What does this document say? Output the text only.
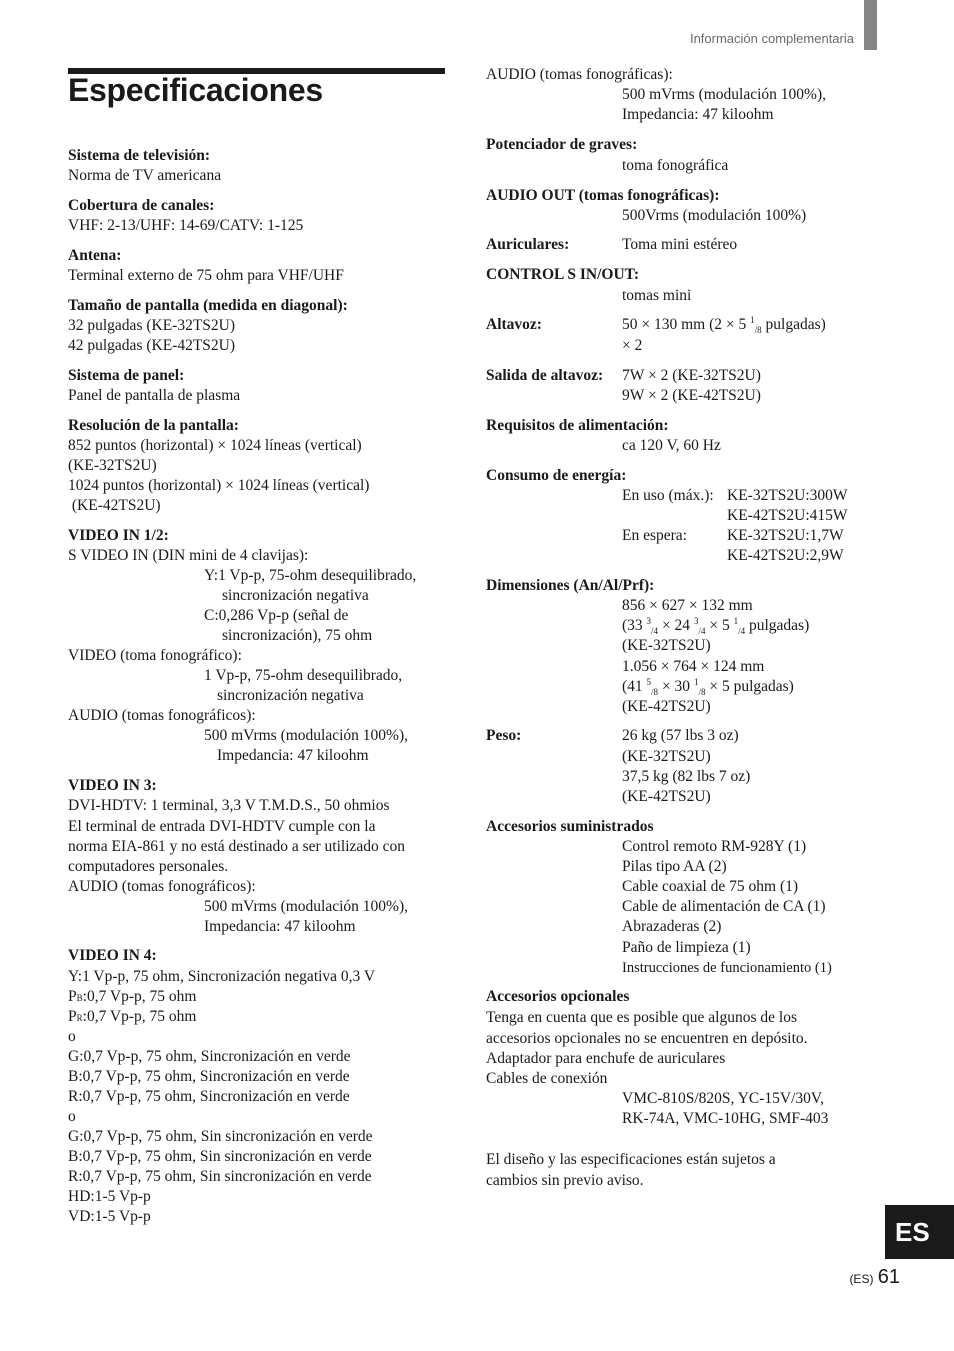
Información complementaria
Especificaciones
Sistema de televisión:
Norma de TV americana
Cobertura de canales:
VHF: 2-13/UHF: 14-69/CATV: 1-125
Antena:
Terminal externo de 75 ohm para VHF/UHF
Tamaño de pantalla (medida en diagonal):
32 pulgadas (KE-32TS2U)
42 pulgadas (KE-42TS2U)
Sistema de panel:
Panel de pantalla de plasma
Resolución de la pantalla:
852 puntos (horizontal) × 1024 líneas (vertical)
(KE-32TS2U)
1024 puntos (horizontal) × 1024 líneas (vertical)
(KE-42TS2U)
VIDEO IN 1/2:
S VIDEO IN (DIN mini de 4 clavijas):
Y:1 Vp-p, 75-ohm desequilibrado,
sincronización negativa
C:0,286 Vp-p (señal de
sincronización), 75 ohm
VIDEO (toma fonográfico):
1 Vp-p, 75-ohm desequilibrado,
sincronización negativa
AUDIO (tomas fonográficos):
500 mVrms (modulación 100%),
Impedancia: 47 kiloohm
VIDEO IN 3:
DVI-HDTV: 1 terminal, 3,3 V T.M.D.S., 50 ohmios
El terminal de entrada DVI-HDTV cumple con la
norma EIA-861 y no está destinado a ser utilizado con
computadores personales.
AUDIO (tomas fonográficos):
500 mVrms (modulación 100%),
Impedancia: 47 kiloohm
VIDEO IN 4:
Y:1 Vp-p, 75 ohm, Sincronización negativa 0,3 V
PB:0,7 Vp-p, 75 ohm
PR:0,7 Vp-p, 75 ohm
o
G:0,7 Vp-p, 75 ohm, Sincronización en verde
B:0,7 Vp-p, 75 ohm, Sincronización en verde
R:0,7 Vp-p, 75 ohm, Sincronización en verde
o
G:0,7 Vp-p, 75 ohm, Sin sincronización en verde
B:0,7 Vp-p, 75 ohm, Sin sincronización en verde
R:0,7 Vp-p, 75 ohm, Sin sincronización en verde
HD:1-5 Vp-p
VD:1-5 Vp-p
AUDIO (tomas fonográficas):
500 mVrms (modulación 100%),
Impedancia: 47 kiloohm
Potenciador de graves:
toma fonográfica
AUDIO OUT (tomas fonográficas):
500Vrms (modulación 100%)
Auriculares:	Toma mini estéreo
CONTROL S IN/OUT:
tomas mini
Altavoz:	50 × 130 mm (2 × 5 $^1_{/8}$ pulgadas)
× 2
Salida de altavoz: 7W × 2 (KE-32TS2U)
9W × 2 (KE-42TS2U)
Requisitos de alimentación:
ca 120 V, 60 Hz
Consumo de energía:
En uso (máx.): KE-32TS2U:300W
KE-42TS2U:415W
En espera:	KE-32TS2U:1,7W
KE-42TS2U:2,9W
Dimensiones (An/Al/Prf):
856 × 627 × 132 mm
(33 $^3_{/4}$ × 24 $^3_{/4}$ × 5 $^1_{/4}$ pulgadas)
(KE-32TS2U)
1.056 × 764 × 124 mm
(41 $^5_{/8}$ × 30 $^1_{/8}$ × 5 pulgadas)
(KE-42TS2U)
Peso:	26 kg (57 lbs 3 oz)
(KE-32TS2U)
37,5 kg (82 lbs 7 oz)
(KE-42TS2U)
Accesorios suministrados
Control remoto RM-928Y (1)
Pilas tipo AA (2)
Cable coaxial de 75 ohm (1)
Cable de alimentación de CA (1)
Abrazaderas (2)
Paño de limpieza (1)
Instrucciones de funcionamiento (1)
Accesorios opcionales
Tenga en cuenta que es posible que algunos de los
accesorios opcionales no se encuentren en depósito.
Adaptador para enchufe de auriculares
Cables de conexión
VMC-810S/820S, YC-15V/30V,
RK-74A, VMC-10HG, SMF-403
El diseño y las especificaciones están sujetos a
cambios sin previo aviso.
ES
(ES) 61
